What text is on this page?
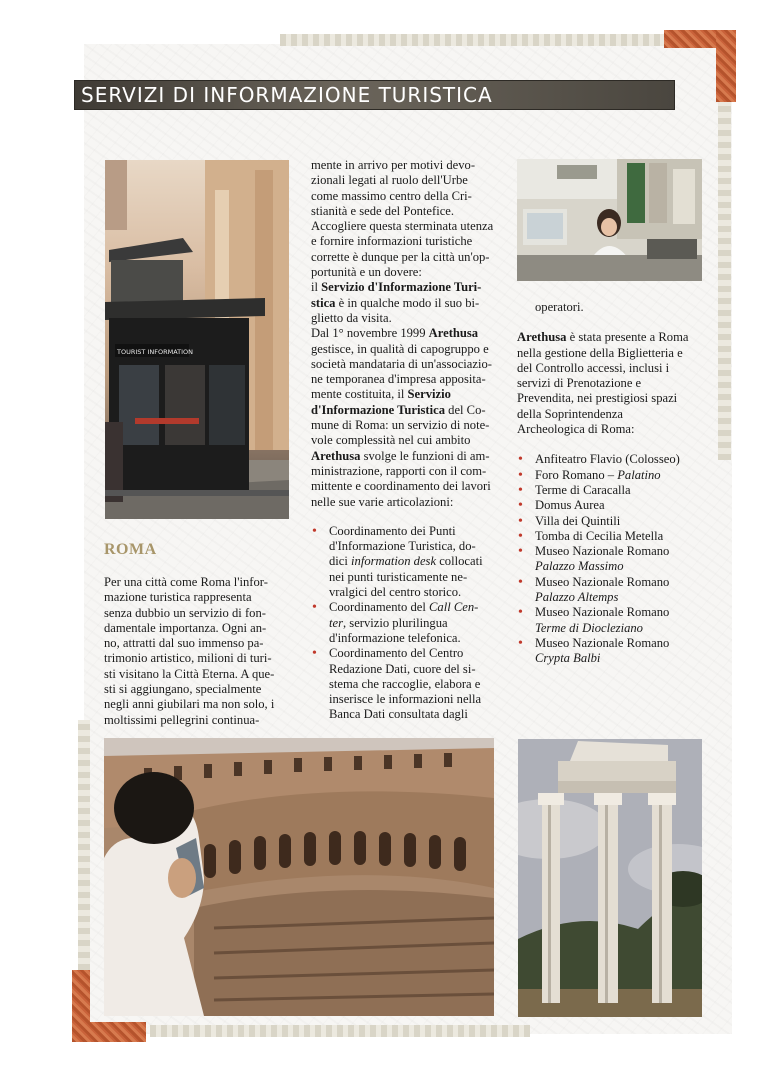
SERVIZI DI INFORMAZIONE TURISTICA
TOURIST INFORMATION
ROMA

Per una città come Roma l'infor-
mazione turistica rappresenta
senza dubbio un servizio di fon-
damentale importanza. Ogni an-
no, attratti dal suo immenso pa-
trimonio artistico, milioni di turi-
sti visitano la Città Eterna. A que-
sti si aggiungano, specialmente
negli anni giubilari ma non solo, i
moltissimi pellegrini continua-

mente in arrivo per motivi devo-
zionali legati al ruolo dell'Urbe
come massimo centro della Cri-
stianità e sede del Pontefice.
Accogliere questa sterminata utenza
e fornire informazioni turistiche
corrette è dunque per la città un'op-
portunità e un dovere:

il Servizio d'Informazione Turi-
stica è in qualche modo il suo bi-
glietto da visita.

Dal 1° novembre 1999 Arethusa
gestisce, in qualità di capogruppo e
società mandataria di un'associazio-
ne temporanea d'impresa apposita-
mente costituita, il Servizio
d'Informazione Turistica del Co-
mune di Roma: un servizio di note-
vole complessità nel cui ambito
Arethusa svolge le funzioni di am-
ministrazione, rapporti con il com-
mittente e coordinamento dei lavori
nelle sue varie articolazioni:

• Coordinamento dei Punti
d'Informazione Turistica, do-
dici information desk collocati
nei punti turisticamente ne-
vralgici del centro storico.
• Coordinamento del Call Cen-
ter, servizio plurilingua
d'informazione telefonica.
• Coordinamento del Centro
Redazione Dati, cuore del si-
stema che raccoglie, elabora e
inserisce le informazioni nella
Banca Dati consultata dagli

operatori.

Arethusa è stata presente a Roma
nella gestione della Biglietteria e
del Controllo accessi, inclusi i
servizi di Prenotazione e
Prevendita, nei prestigiosi spazi
della Soprintendenza
Archeologica di Roma:

• Anfiteatro Flavio (Colosseo)
• Foro Romano – Palatino
• Terme di Caracalla
• Domus Aurea
• Villa dei Quintili
• Tomba di Cecilia Metella
• Museo Nazionale Romano
Palazzo Massimo
• Museo Nazionale Romano
Palazzo Altemps
• Museo Nazionale Romano
Terme di Diocleziano
• Museo Nazionale Romano
Crypta Balbi
